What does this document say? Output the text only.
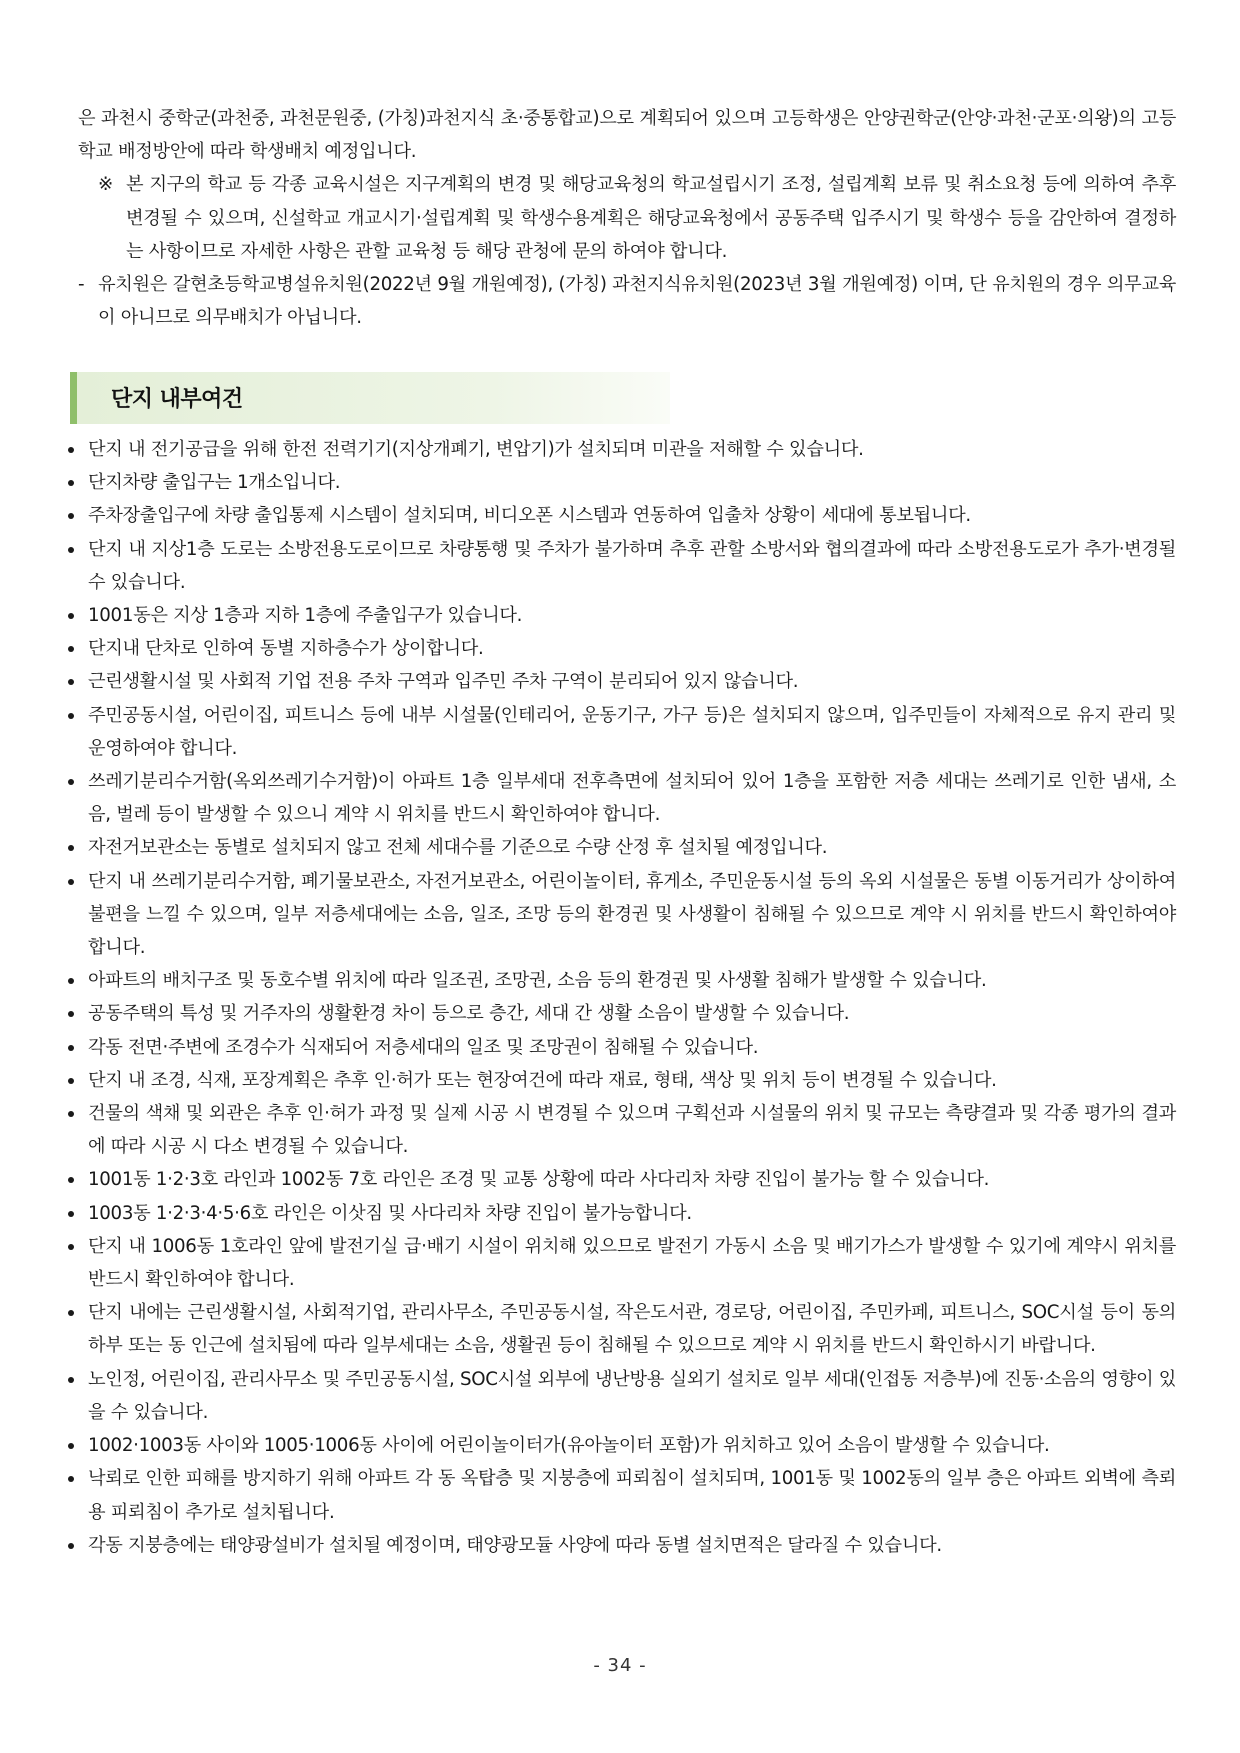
은 과천시 중학군(과천중, 과천문원중, (가칭)과천지식 초·중통합교)으로 계획되어 있으며 고등학생은 안양권학군(안양·과천·군포·의왕)의 고등학교 배정방안에 따라 학생배치 예정입니다.
※ 본 지구의 학교 등 각종 교육시설은 지구계획의 변경 및 해당교육청의 학교설립시기 조정, 설립계획 보류 및 취소요청 등에 의하여 추후 변경될 수 있으며, 신설학교 개교시기·설립계획 및 학생수용계획은 해당교육청에서 공동주택 입주시기 및 학생수 등을 감안하여 결정하는 사항이므로 자세한 사항은 관할 교육청 등 해당 관청에 문의 하여야 합니다.
- 유치원은 갈현초등학교병설유치원(2022년 9월 개원예정), (가칭) 과천지식유치원(2023년 3월 개원예정) 이며, 단 유치원의 경우 의무교육이 아니므로 의무배치가 아닙니다.
단지 내부여건
단지 내 전기공급을 위해 한전 전력기기(지상개폐기, 변압기)가 설치되며 미관을 저해할 수 있습니다.
단지차량 출입구는 1개소입니다.
주차장출입구에 차량 출입통제 시스템이 설치되며, 비디오폰 시스템과 연동하여 입출차 상황이 세대에 통보됩니다.
단지 내 지상1층 도로는 소방전용도로이므로 차량통행 및 주차가 불가하며 추후 관할 소방서와 협의결과에 따라 소방전용도로가 추가·변경될 수 있습니다.
1001동은 지상 1층과 지하 1층에 주출입구가 있습니다.
단지내 단차로 인하여 동별 지하층수가 상이합니다.
근린생활시설 및 사회적 기업 전용 주차 구역과 입주민 주차 구역이 분리되어 있지 않습니다.
주민공동시설, 어린이집, 피트니스 등에 내부 시설물(인테리어, 운동기구, 가구 등)은 설치되지 않으며, 입주민들이 자체적으로 유지 관리 및 운영하여야 합니다.
쓰레기분리수거함(옥외쓰레기수거함)이 아파트 1층 일부세대 전후측면에 설치되어 있어 1층을 포함한 저층 세대는 쓰레기로 인한 냄새, 소음, 벌레 등이 발생할 수 있으니 계약 시 위치를 반드시 확인하여야 합니다.
자전거보관소는 동별로 설치되지 않고 전체 세대수를 기준으로 수량 산정 후 설치될 예정입니다.
단지 내 쓰레기분리수거함, 폐기물보관소, 자전거보관소, 어린이놀이터, 휴게소, 주민운동시설 등의 옥외 시설물은 동별 이동거리가 상이하여 불편을 느낄 수 있으며, 일부 저층세대에는 소음, 일조, 조망 등의 환경권 및 사생활이 침해될 수 있으므로 계약 시 위치를 반드시 확인하여야 합니다.
아파트의 배치구조 및 동호수별 위치에 따라 일조권, 조망권, 소음 등의 환경권 및 사생활 침해가 발생할 수 있습니다.
공동주택의 특성 및 거주자의 생활환경 차이 등으로 층간, 세대 간 생활 소음이 발생할 수 있습니다.
각동 전면·주변에 조경수가 식재되어 저층세대의 일조 및 조망권이 침해될 수 있습니다.
단지 내 조경, 식재, 포장계획은 추후 인·허가 또는 현장여건에 따라 재료, 형태, 색상 및 위치 등이 변경될 수 있습니다.
건물의 색채 및 외관은 추후 인·허가 과정 및 실제 시공 시 변경될 수 있으며 구획선과 시설물의 위치 및 규모는 측량결과 및 각종 평가의 결과에 따라 시공 시 다소 변경될 수 있습니다.
1001동 1·2·3호 라인과 1002동 7호 라인은 조경 및 교통 상황에 따라 사다리차 차량 진입이 불가능 할 수 있습니다.
1003동 1·2·3·4·5·6호 라인은 이삿짐 및 사다리차 차량 진입이 불가능합니다.
단지 내 1006동 1호라인 앞에 발전기실 급·배기 시설이 위치해 있으므로 발전기 가동시 소음 및 배기가스가 발생할 수 있기에 계약시 위치를 반드시 확인하여야 합니다.
단지 내에는 근린생활시설, 사회적기업, 관리사무소, 주민공동시설, 작은도서관, 경로당, 어린이집, 주민카페, 피트니스, SOC시설 등이 동의 하부 또는 동 인근에 설치됨에 따라 일부세대는 소음, 생활권 등이 침해될 수 있으므로 계약 시 위치를 반드시 확인하시기 바랍니다.
노인정, 어린이집, 관리사무소 및 주민공동시설, SOC시설 외부에 냉난방용 실외기 설치로 일부 세대(인접동 저층부)에 진동·소음의 영향이 있을 수 있습니다.
1002·1003동 사이와 1005·1006동 사이에 어린이놀이터가(유아놀이터 포함)가 위치하고 있어 소음이 발생할 수 있습니다.
낙뢰로 인한 피해를 방지하기 위해 아파트 각 동 옥탑층 및 지붕층에 피뢰침이 설치되며, 1001동 및 1002동의 일부 층은 아파트 외벽에 측뢰용 피뢰침이 추가로 설치됩니다.
각동 지붕층에는 태양광설비가 설치될 예정이며, 태양광모듈 사양에 따라 동별 설치면적은 달라질 수 있습니다.
- 34 -
